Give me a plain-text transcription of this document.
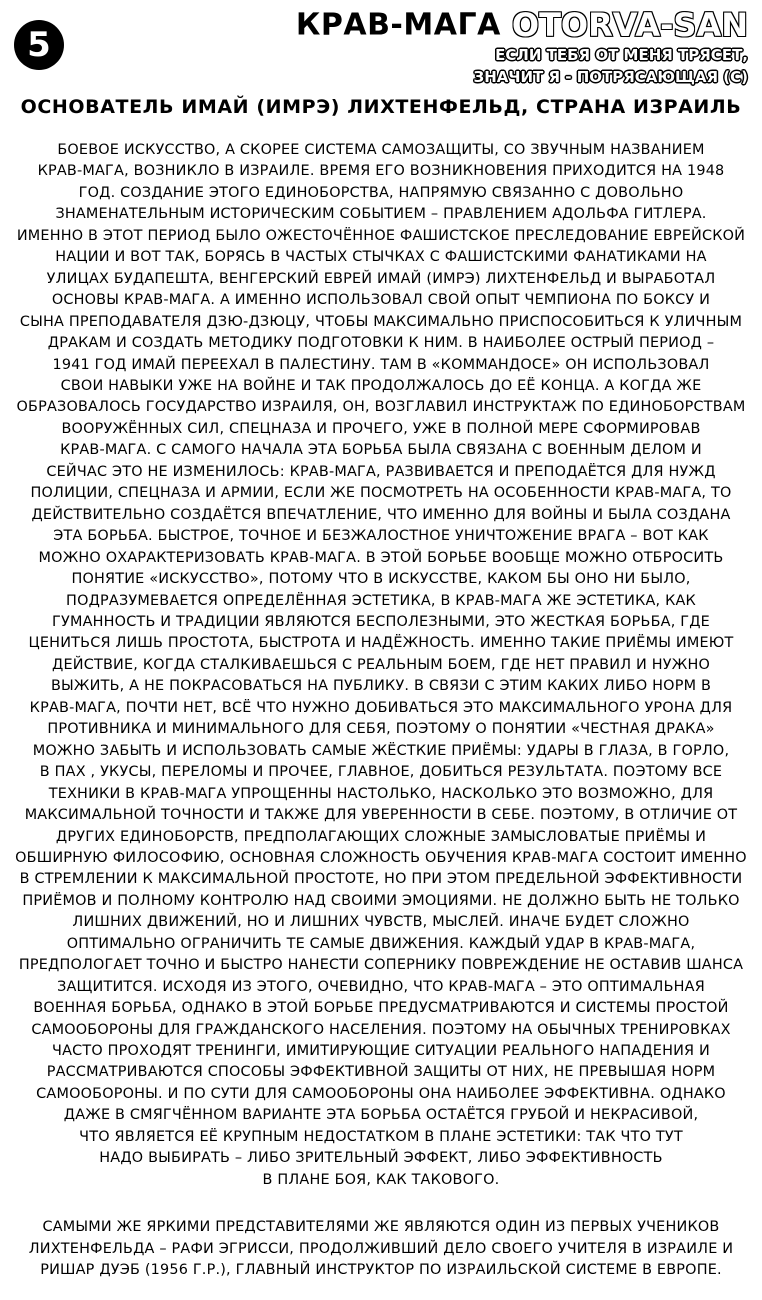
5	КРАВ-МАГА OTORVA-SAN
ЕСЛИ ТЕБЯ ОТ МЕНЯ ТРЯСЕТ,
ЗНАЧИТ Я - ПОТРЯСАЮЩАЯ (С)
ОСНОВАТЕЛЬ ИМАЙ (ИМРЭ) ЛИХТЕНФЕЛЬД, СТРАНА ИЗРАИЛЬ

БОЕВОЕ ИСКУССТВО, А СКОРЕЕ СИСТЕМА САМОЗАЩИТЫ, СО ЗВУЧНЫМ НАЗВАНИЕМ
КРАВ-МАГА, ВОЗНИКЛО В ИЗРАИЛЕ. ВРЕМЯ ЕГО ВОЗНИКНОВЕНИЯ ПРИХОДИТСЯ НА 1948
ГОД. СОЗДАНИЕ ЭТОГО ЕДИНОБОРСТВА, НАПРЯМУЮ СВЯЗАННО С ДОВОЛЬНО
ЗНАМЕНАТЕЛЬНЫМ ИСТОРИЧЕСКИМ СОБЫТИЕМ – ПРАВЛЕНИЕМ АДОЛЬФА ГИТЛЕРА.
ИМЕННО В ЭТОТ ПЕРИОД БЫЛО ОЖЕСТОЧЁННОЕ ФАШИСТСКОЕ ПРЕСЛЕДОВАНИЕ ЕВРЕЙСКОЙ
НАЦИИ И ВОТ ТАК, БОРЯСЬ В ЧАСТЫХ СТЫЧКАХ С ФАШИСТСКИМИ ФАНАТИКАМИ НА
УЛИЦАХ БУДАПЕШТА, ВЕНГЕРСКИЙ ЕВРЕЙ ИМАЙ (ИМРЭ) ЛИХТЕНФЕЛЬД И ВЫРАБОТАЛ
ОСНОВЫ КРАВ-МАГА. А ИМЕННО ИСПОЛЬЗОВАЛ СВОЙ ОПЫТ ЧЕМПИОНА ПО БОКСУ И
СЫНА ПРЕПОДАВАТЕЛЯ ДЗЮ-ДЗЮЦУ, ЧТОБЫ МАКСИМАЛЬНО ПРИСПОСОБИТЬСЯ К УЛИЧНЫМ
ДРАКАМ И СОЗДАТЬ МЕТОДИКУ ПОДГОТОВКИ К НИМ. В НАИБОЛЕЕ ОСТРЫЙ ПЕРИОД –
1941 ГОД ИМАЙ ПЕРЕЕХАЛ В ПАЛЕСТИНУ. ТАМ В «КОММАНДОСЕ» ОН ИСПОЛЬЗОВАЛ
СВОИ НАВЫКИ УЖЕ НА ВОЙНЕ И ТАК ПРОДОЛЖАЛОСЬ ДО ЕЁ КОНЦА. А КОГДА ЖЕ
ОБРАЗОВАЛОСЬ ГОСУДАРСТВО ИЗРАИЛЯ, ОН, ВОЗГЛАВИЛ ИНСТРУКТАЖ ПО ЕДИНОБОРСТВАМ
ВООРУЖЁННЫХ СИЛ, СПЕЦНАЗА И ПРОЧЕГО, УЖЕ В ПОЛНОЙ МЕРЕ СФОРМИРОВАВ
КРАВ-МАГА. С САМОГО НАЧАЛА ЭТА БОРЬБА БЫЛА СВЯЗАНА С ВОЕННЫМ ДЕЛОМ И
СЕЙЧАС ЭТО НЕ ИЗМЕНИЛОСЬ: КРАВ-МАГА, РАЗВИВАЕТСЯ И ПРЕПОДАЁТСЯ ДЛЯ НУЖД
ПОЛИЦИИ, СПЕЦНАЗА И АРМИИ, ЕСЛИ ЖЕ ПОСМОТРЕТЬ НА ОСОБЕННОСТИ КРАВ-МАГА, ТО
ДЕЙСТВИТЕЛЬНО СОЗДАЁТСЯ ВПЕЧАТЛЕНИЕ, ЧТО ИМЕННО ДЛЯ ВОЙНЫ И БЫЛА СОЗДАНА
ЭТА БОРЬБА. БЫСТРОЕ, ТОЧНОЕ И БЕЗЖАЛОСТНОЕ УНИЧТОЖЕНИЕ ВРАГА – ВОТ КАК
МОЖНО ОХАРАКТЕРИЗОВАТЬ КРАВ-МАГА. В ЭТОЙ БОРЬБЕ ВООБЩЕ МОЖНО ОТБРОСИТЬ
ПОНЯТИЕ «ИСКУССТВО», ПОТОМУ ЧТО В ИСКУССТВЕ, КАКОМ БЫ ОНО НИ БЫЛО,
ПОДРАЗУМЕВАЕТСЯ ОПРЕДЕЛЁННАЯ ЭСТЕТИКА, В КРАВ-МАГА ЖЕ ЭСТЕТИКА, КАК
ГУМАННОСТЬ И ТРАДИЦИИ ЯВЛЯЮТСЯ БЕСПОЛЕЗНЫМИ, ЭТО ЖЕСТКАЯ БОРЬБА, ГДЕ
ЦЕНИТЬСЯ ЛИШЬ ПРОСТОТА, БЫСТРОТА И НАДЁЖНОСТЬ. ИМЕННО ТАКИЕ ПРИЁМЫ ИМЕЮТ
ДЕЙСТВИЕ, КОГДА СТАЛКИВАЕШЬСЯ С РЕАЛЬНЫМ БОЕМ, ГДЕ НЕТ ПРАВИЛ И НУЖНО
ВЫЖИТЬ, А НЕ ПОКРАСОВАТЬСЯ НА ПУБЛИКУ. В СВЯЗИ С ЭТИМ КАКИХ ЛИБО НОРМ В
КРАВ-МАГА, ПОЧТИ НЕТ, ВСЁ ЧТО НУЖНО ДОБИВАТЬСЯ ЭТО МАКСИМАЛЬНОГО УРОНА ДЛЯ
ПРОТИВНИКА И МИНИМАЛЬНОГО ДЛЯ СЕБЯ, ПОЭТОМУ О ПОНЯТИИ «ЧЕСТНАЯ ДРАКА»
МОЖНО ЗАБЫТЬ И ИСПОЛЬЗОВАТЬ САМЫЕ ЖЁСТКИЕ ПРИЁМЫ: УДАРЫ В ГЛАЗА, В ГОРЛО,
В ПАХ , УКУСЫ, ПЕРЕЛОМЫ И ПРОЧЕЕ, ГЛАВНОЕ, ДОБИТЬСЯ РЕЗУЛЬТАТА. ПОЭТОМУ ВСЕ
ТЕХНИКИ В КРАВ-МАГА УПРОЩЕННЫ НАСТОЛЬКО, НАСКОЛЬКО ЭТО ВОЗМОЖНО, ДЛЯ
МАКСИМАЛЬНОЙ ТОЧНОСТИ И ТАКЖЕ ДЛЯ УВЕРЕННОСТИ В СЕБЕ. ПОЭТОМУ, В ОТЛИЧИЕ ОТ
ДРУГИХ ЕДИНОБОРСТВ, ПРЕДПОЛАГАЮЩИХ СЛОЖНЫЕ ЗАМЫСЛОВАТЫЕ ПРИЁМЫ И
ОБШИРНУЮ ФИЛОСОФИЮ, ОСНОВНАЯ СЛОЖНОСТЬ ОБУЧЕНИЯ КРАВ-МАГА СОСТОИТ ИМЕННО
В СТРЕМЛЕНИИ К МАКСИМАЛЬНОЙ ПРОСТОТЕ, НО ПРИ ЭТОМ ПРЕДЕЛЬНОЙ ЭФФЕКТИВНОСТИ
ПРИЁМОВ И ПОЛНОМУ КОНТРОЛЮ НАД СВОИМИ ЭМОЦИЯМИ. НЕ ДОЛЖНО БЫТЬ НЕ ТОЛЬКО
ЛИШНИХ ДВИЖЕНИЙ, НО И ЛИШНИХ ЧУВСТВ, МЫСЛЕЙ. ИНАЧЕ БУДЕТ СЛОЖНО
ОПТИМАЛЬНО ОГРАНИЧИТЬ ТЕ САМЫЕ ДВИЖЕНИЯ. КАЖДЫЙ УДАР В КРАВ-МАГА,
ПРЕДПОЛОГАЕТ ТОЧНО И БЫСТРО НАНЕСТИ СОПЕРНИКУ ПОВРЕЖДЕНИЕ НЕ ОСТАВИВ ШАНСА
ЗАЩИТИТСЯ. ИСХОДЯ ИЗ ЭТОГО, ОЧЕВИДНО, ЧТО КРАВ-МАГА – ЭТО ОПТИМАЛЬНАЯ
ВОЕННАЯ БОРЬБА, ОДНАКО В ЭТОЙ БОРЬБЕ ПРЕДУСМАТРИВАЮТСЯ И СИСТЕМЫ ПРОСТОЙ
САМООБОРОНЫ ДЛЯ ГРАЖДАНСКОГО НАСЕЛЕНИЯ. ПОЭТОМУ НА ОБЫЧНЫХ ТРЕНИРОВКАХ
ЧАСТО ПРОХОДЯТ ТРЕНИНГИ, ИМИТИРУЮЩИЕ СИТУАЦИИ РЕАЛЬНОГО НАПАДЕНИЯ И
РАССМАТРИВАЮТСЯ СПОСОБЫ ЭФФЕКТИВНОЙ ЗАЩИТЫ ОТ НИХ, НЕ ПРЕВЫШАЯ НОРМ
САМООБОРОНЫ. И ПО СУТИ ДЛЯ САМООБОРОНЫ ОНА НАИБОЛЕЕ ЭФФЕКТИВНА. ОДНАКО
ДАЖЕ В СМЯГЧЁННОМ ВАРИАНТЕ ЭТА БОРЬБА ОСТАЁТСЯ ГРУБОЙ И НЕКРАСИВОЙ,
ЧТО ЯВЛЯЕТСЯ ЕЁ КРУПНЫМ НЕДОСТАТКОМ В ПЛАНЕ ЭСТЕТИКИ: ТАК ЧТО ТУТ
НАДО ВЫБИРАТЬ – ЛИБО ЗРИТЕЛЬНЫЙ ЭФФЕКТ, ЛИБО ЭФФЕКТИВНОСТЬ
В ПЛАНЕ БОЯ, КАК ТАКОВОГО.

САМЫМИ ЖЕ ЯРКИМИ ПРЕДСТАВИТЕЛЯМИ ЖЕ ЯВЛЯЮТСЯ ОДИН ИЗ ПЕРВЫХ УЧЕНИКОВ
ЛИХТЕНФЕЛЬДА – РАФИ ЭГРИССИ, ПРОДОЛЖИВШИЙ ДЕЛО СВОЕГО УЧИТЕЛЯ В ИЗРАИЛЕ И
РИШАР ДУЭБ (1956 Г.Р.), ГЛАВНЫЙ ИНСТРУКТОР ПО ИЗРАИЛЬСКОЙ СИСТЕМЕ В ЕВРОПЕ.
